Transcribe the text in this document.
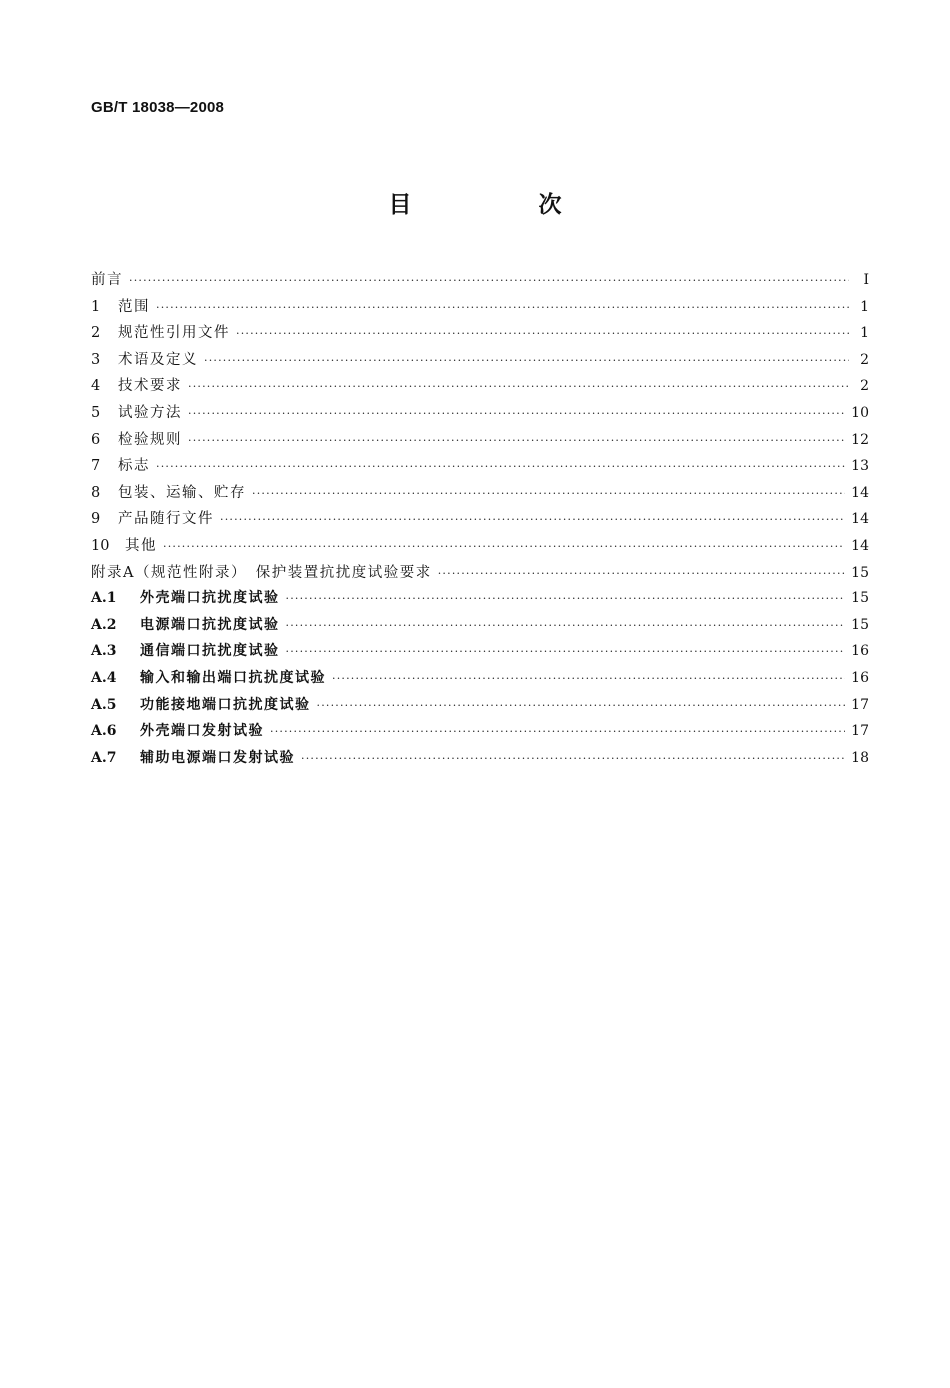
GB/T 18038—2008
目　次
前言 ·····	Ⅰ
1 范围 ·····	1
2 规范性引用文件 ·····	1
3 术语及定义 ·····	2
4 技术要求 ·····	2
5 试验方法 ·····	10
6 检验规则 ·····	12
7 标志 ·····	13
8 包装、运输、贮存 ·····	14
9 产品随行文件 ·····	14
10 其他 ·····	14
附录A（规范性附录）　保护装置抗扰度试验要求 ·····	15
A.1 外壳端口抗扰度试验 ·····	15
A.2 电源端口抗扰度试验 ·····	15
A.3 通信端口抗扰度试验 ·····	16
A.4 输入和输出端口抗扰度试验 ·····	16
A.5 功能接地端口抗扰度试验 ·····	17
A.6 外壳端口发射试验 ·····	17
A.7 辅助电源端口发射试验 ·····	18
